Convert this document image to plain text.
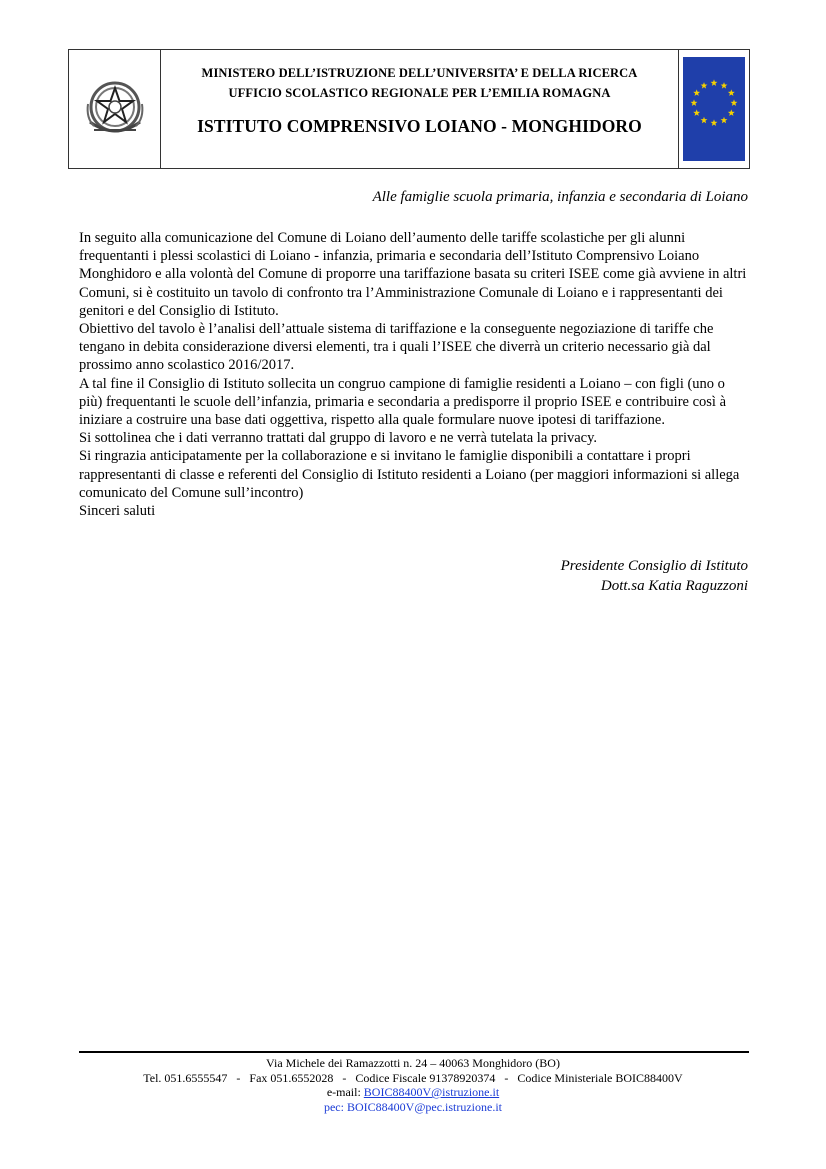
MINISTERO DELL’ISTRUZIONE DELL’UNIVERSITA’ E DELLA RICERCA
UFFICIO SCOLASTICO REGIONALE PER L’EMILIA ROMAGNA
ISTITUTO COMPRENSIVO LOIANO - MONGHIDORO
Alle famiglie scuola primaria, infanzia e secondaria di Loiano

In seguito alla comunicazione del Comune di Loiano dell’aumento delle tariffe scolastiche per gli alunni frequentanti i plessi scolastici di Loiano - infanzia, primaria e secondaria dell’Istituto Comprensivo Loiano Monghidoro e alla volontà del Comune di proporre una tariffazione basata su criteri ISEE come già avviene in altri Comuni, si è costituito un tavolo di confronto tra l’Amministrazione Comunale di Loiano e i rappresentanti dei genitori e del Consiglio di Istituto.

Obiettivo del tavolo è l’analisi dell’attuale sistema di tariffazione e la conseguente negoziazione di tariffe che tengano in debita considerazione diversi elementi, tra i quali l’ISEE che diverrà un criterio necessario già dal prossimo anno scolastico 2016/2017.

A tal fine il Consiglio di Istituto sollecita un congruo campione di famiglie residenti a Loiano – con figli (uno o più) frequentanti le scuole dell’infanzia, primaria e secondaria a predisporre il proprio ISEE e contribuire così à iniziare a costruire una base dati oggettiva, rispetto alla quale formulare nuove ipotesi di tariffazione.

Si sottolinea che i dati verranno trattati dal gruppo di lavoro e ne verrà tutelata la privacy.

Si ringrazia anticipatamente per la collaborazione e si invitano le famiglie disponibili a contattare i propri rappresentanti di classe e referenti del Consiglio di Istituto residenti a Loiano (per maggiori informazioni si allega comunicato del Comune sull’incontro)

Sinceri saluti

Presidente Consiglio di Istituto
Dott.sa Katia Raguzzoni
Via Michele dei Ramazzotti n. 24 – 40063 Monghidoro (BO)
Tel. 051.6555547   -   Fax 051.6552028   -   Codice Fiscale 91378920374   -   Codice Ministeriale BOIC88400V
e-mail: BOIC88400V@istruzione.it
pec: BOIC88400V@pec.istruzione.it
